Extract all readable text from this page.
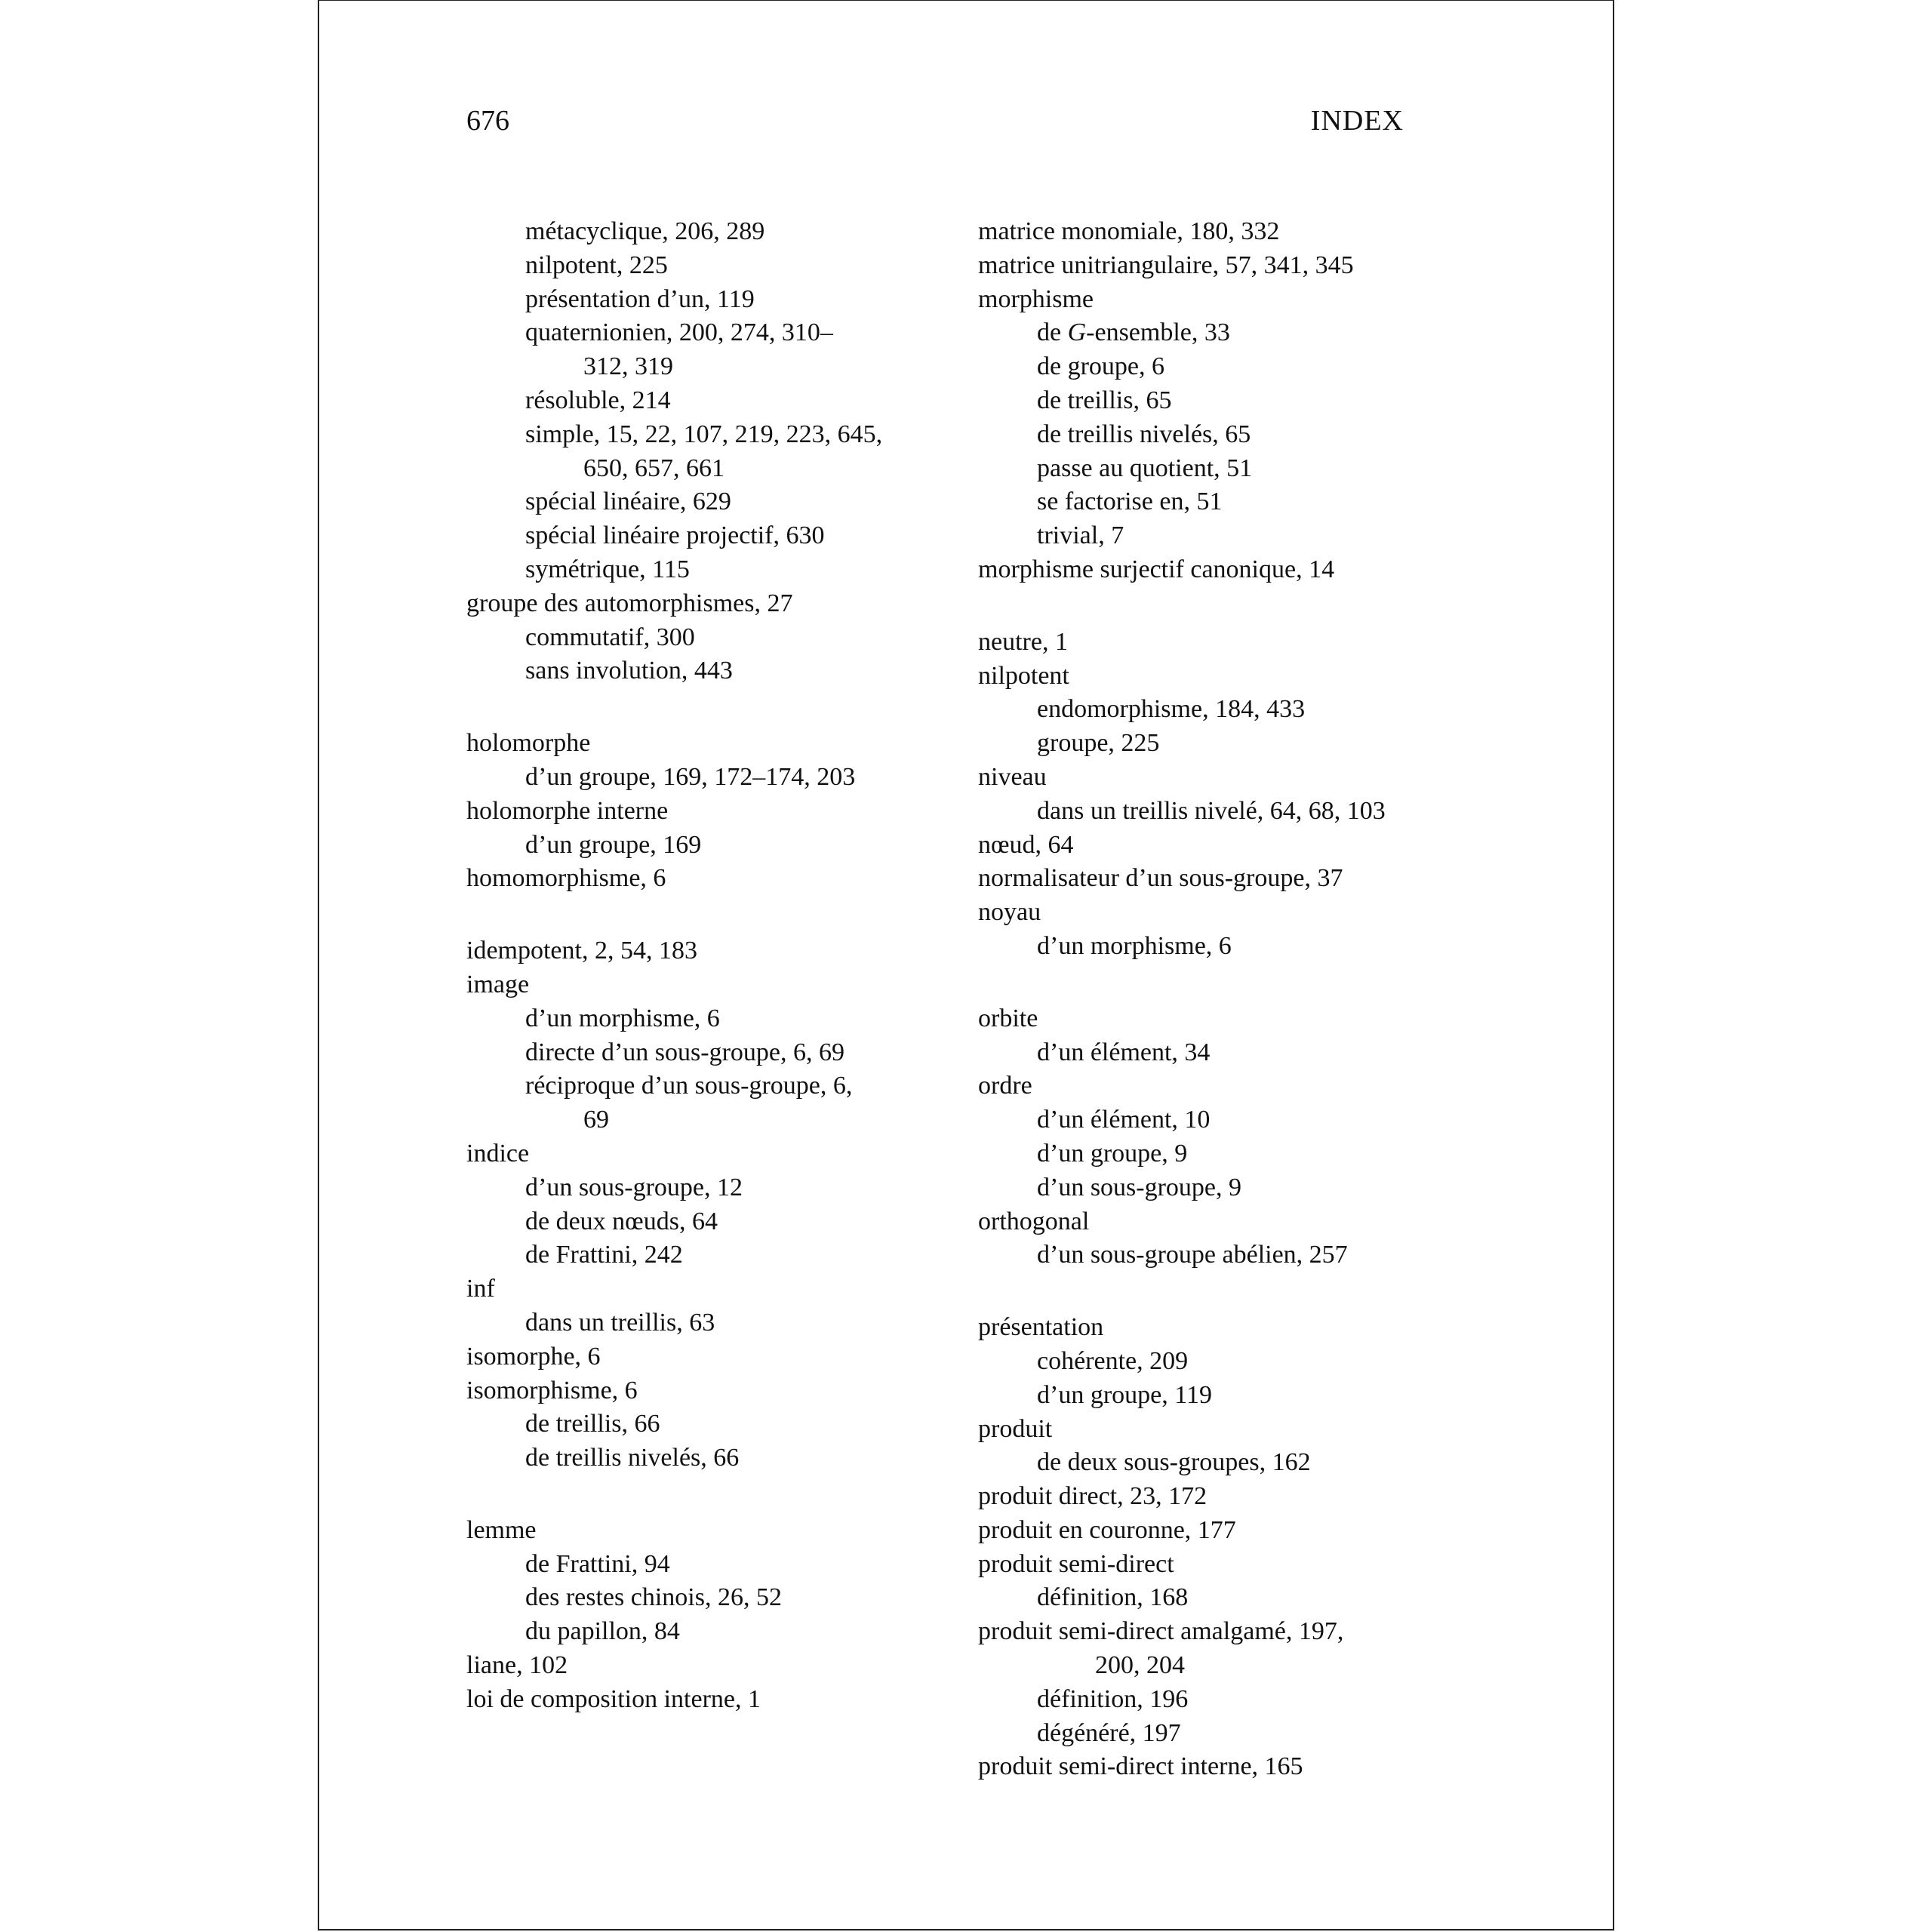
676	INDEX
métacyclique, 206, 289
nilpotent, 225
présentation d’un, 119
quaternionien, 200, 274, 310–
312, 319
résoluble, 214
simple, 15, 22, 107, 219, 223, 645,
650, 657, 661
spécial linéaire, 629
spécial linéaire projectif, 630
symétrique, 115
groupe des automorphismes, 27
commutatif, 300
sans involution, 443
holomorphe
d’un groupe, 169, 172–174, 203
holomorphe interne
d’un groupe, 169
homomorphisme, 6
idempotent, 2, 54, 183
image
d’un morphisme, 6
directe d’un sous-groupe, 6, 69
réciproque d’un sous-groupe, 6,
69
indice
d’un sous-groupe, 12
de deux nœuds, 64
de Frattini, 242
inf
dans un treillis, 63
isomorphe, 6
isomorphisme, 6
de treillis, 66
de treillis nivelés, 66
lemme
de Frattini, 94
des restes chinois, 26, 52
du papillon, 84
liane, 102
loi de composition interne, 1
matrice monomiale, 180, 332
matrice unitriangulaire, 57, 341, 345
morphisme
de G-ensemble, 33
de groupe, 6
de treillis, 65
de treillis nivelés, 65
passe au quotient, 51
se factorise en, 51
trivial, 7
morphisme surjectif canonique, 14
neutre, 1
nilpotent
endomorphisme, 184, 433
groupe, 225
niveau
dans un treillis nivelé, 64, 68, 103
nœud, 64
normalisateur d’un sous-groupe, 37
noyau
d’un morphisme, 6
orbite
d’un élément, 34
ordre
d’un élément, 10
d’un groupe, 9
d’un sous-groupe, 9
orthogonal
d’un sous-groupe abélien, 257
présentation
cohérente, 209
d’un groupe, 119
produit
de deux sous-groupes, 162
produit direct, 23, 172
produit en couronne, 177
produit semi-direct
définition, 168
produit semi-direct amalgamé, 197,
200, 204
définition, 196
dégénéré, 197
produit semi-direct interne, 165
